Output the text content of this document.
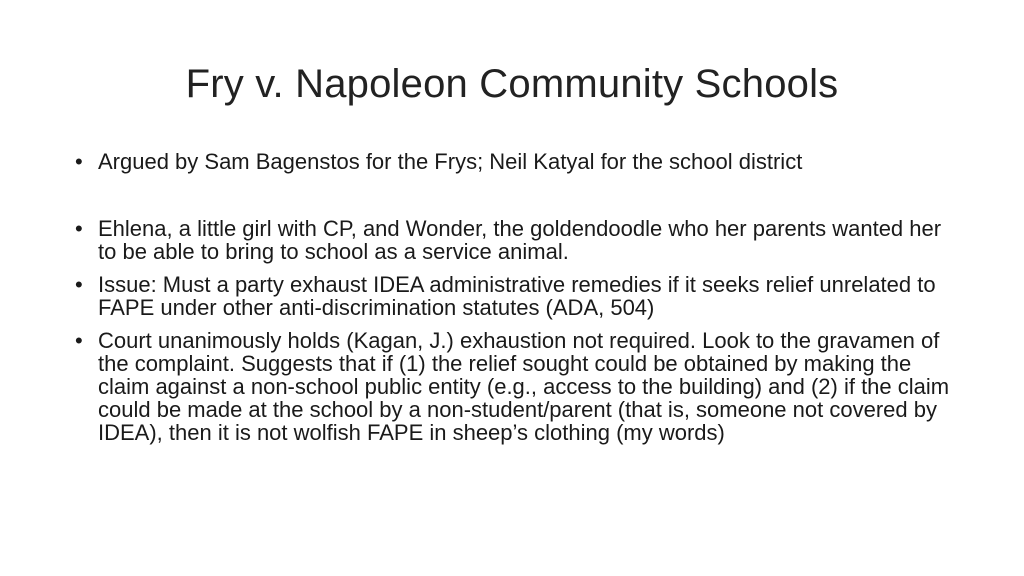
Fry v. Napoleon Community Schools
• Argued by Sam Bagenstos for the Frys; Neil Katyal for the school district
• Ehlena, a little girl with CP, and Wonder, the goldendoodle who her parents wanted her to be able to bring to school as a service animal.
• Issue: Must a party exhaust IDEA administrative remedies if it seeks relief unrelated to FAPE under other anti-discrimination statutes (ADA, 504)
• Court unanimously holds (Kagan, J.) exhaustion not required. Look to the gravamen of the complaint. Suggests that if (1) the relief sought could be obtained by making the claim against a non-school public entity (e.g., access to the building) and (2) if the claim could be made at the school by a non-student/parent (that is, someone not covered by IDEA), then it is not wolfish FAPE in sheep’s clothing (my words)
